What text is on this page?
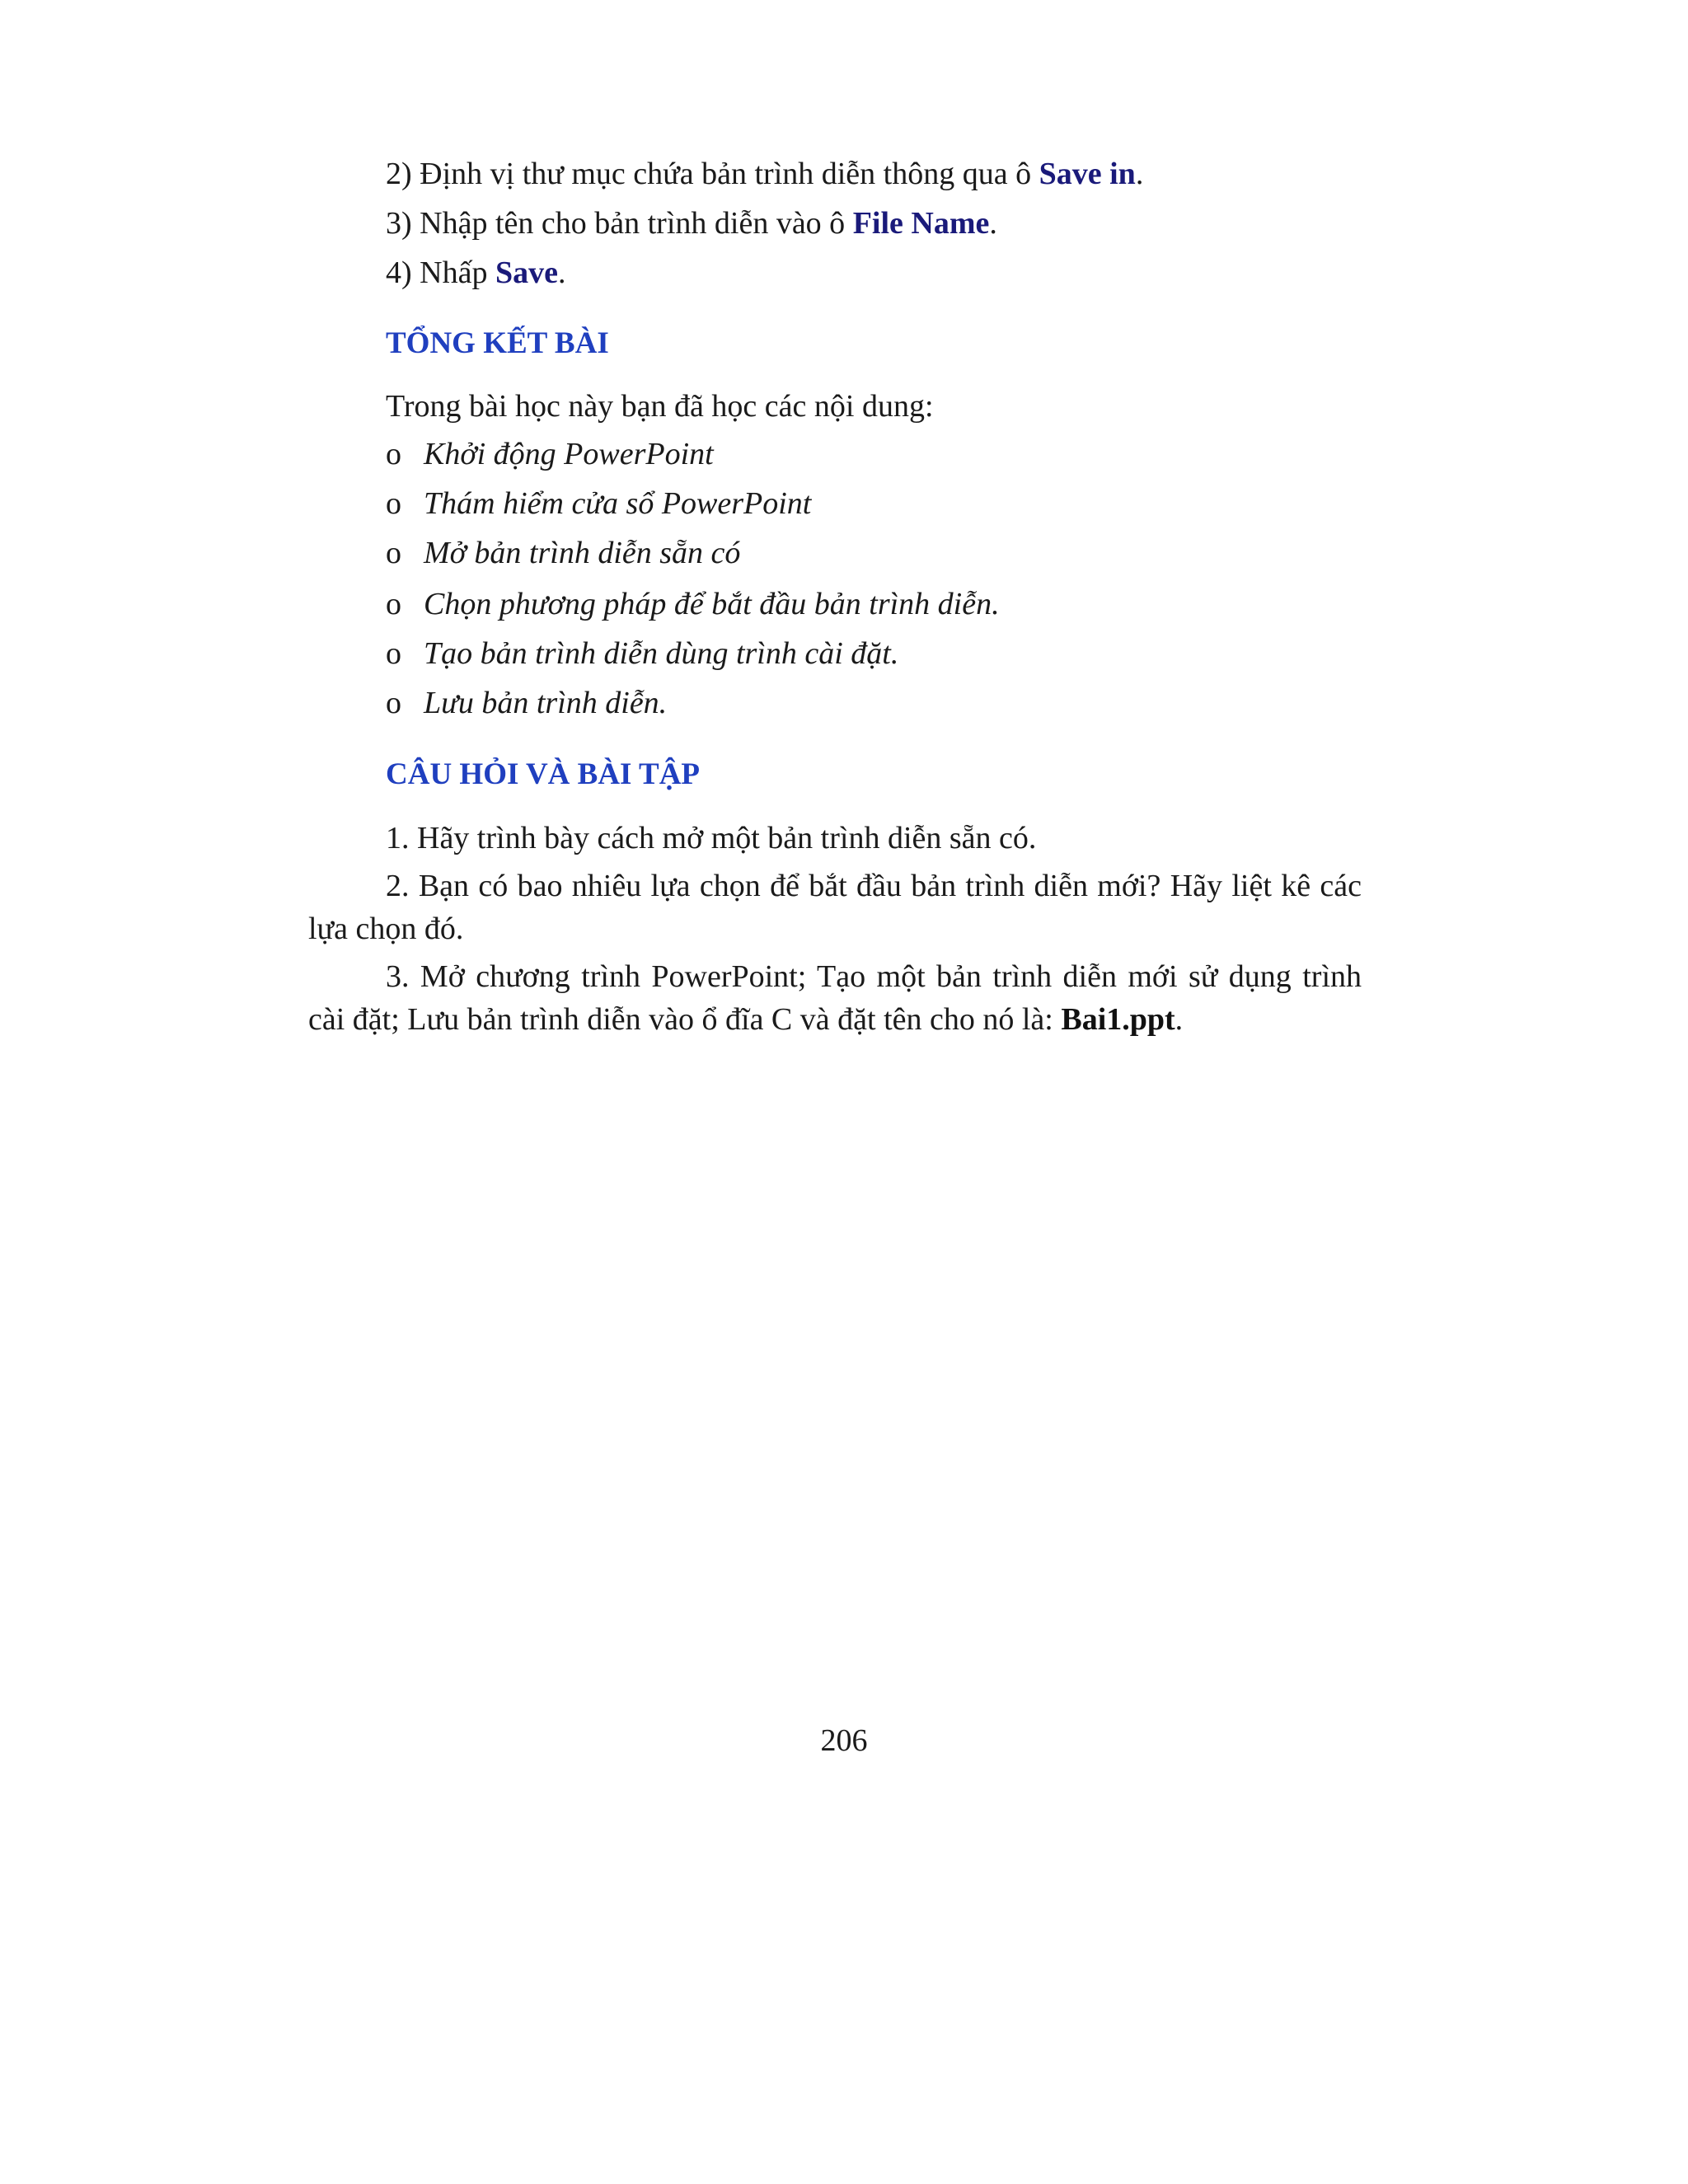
2) Định vị thư mục chứa bản trình diễn thông qua ô Save in.
3) Nhập tên cho bản trình diễn vào ô File Name.
4) Nhấp Save.
TỔNG KẾT BÀI
Trong bài học này bạn đã học các nội dung:
o Khởi động PowerPoint
o Thám hiểm cửa sổ PowerPoint
o Mở bản trình diễn sẵn có
o Chọn phương pháp để bắt đầu bản trình diễn.
o Tạo bản trình diễn dùng trình cài đặt.
o Lưu bản trình diễn.
CÂU HỎI VÀ BÀI TẬP
1. Hãy trình bày cách mở một bản trình diễn sẵn có.
2. Bạn có bao nhiêu lựa chọn để bắt đầu bản trình diễn mới? Hãy liệt kê các lựa chọn đó.
3. Mở chương trình PowerPoint; Tạo một bản trình diễn mới sử dụng trình cài đặt; Lưu bản trình diễn vào ổ đĩa C và đặt tên cho nó là: Bai1.ppt.
206
